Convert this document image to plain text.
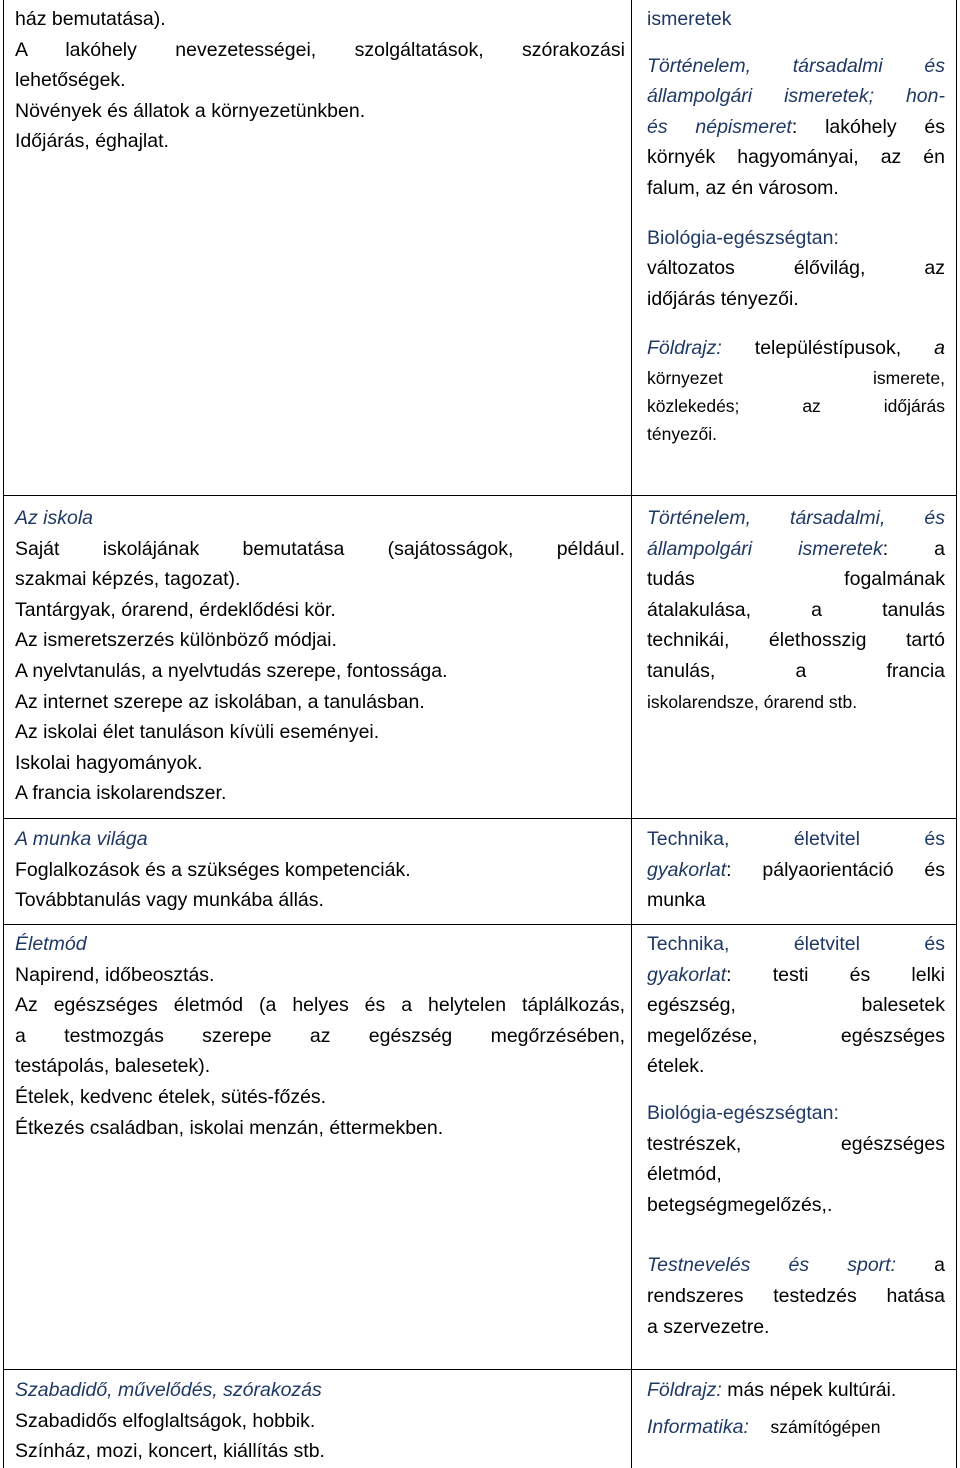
ház bemutatása).

A lakóhely nevezetességei, szolgáltatások, szórakozási

lehetőségek.

Növények és állatok a környezetünkben.

Időjárás, éghajlat.

ismeretek

Történelem, társadalmi és

állampolgári ismeretek; hon-

és népismeret: lakóhely és

környék hagyományai, az én

falum, az én városom.

Biológia-egészségtan:

változatos élővilág, az

időjárás tényezői.

Földrajz: településtípusok, a

környezet ismerete,

közlekedés; az időjárás

tényezői.

Az iskola

Saját iskolájának bemutatása (sajátosságok, például.

szakmai képzés, tagozat).

Tantárgyak, órarend, érdeklődési kör.

Az ismeretszerzés különböző módjai.

A nyelvtanulás, a nyelvtudás szerepe, fontossága.

Az internet szerepe az iskolában, a tanulásban.

Az iskolai élet tanuláson kívüli eseményei.

Iskolai hagyományok.

A francia iskolarendszer.

Történelem, társadalmi, és

állampolgári ismeretek: a

tudás fogalmának

átalakulása, a tanulás

technikái, élethosszig tartó

tanulás, a francia

iskolarendsze, órarend stb.

A munka világa

Foglalkozások és a szükséges kompetenciák.

Továbbtanulás vagy munkába állás.

Technika, életvitel és

gyakorlat: pályaorientáció és

munka

Életmód

Napirend, időbeosztás.

Az egészséges életmód (a helyes és a helytelen táplálkozás,

a testmozgás szerepe az egészség megőrzésében,

testápolás, balesetek).

Ételek, kedvenc ételek, sütés-főzés.

Étkezés családban, iskolai menzán, éttermekben.

Technika, életvitel és

gyakorlat: testi és lelki

egészség, balesetek

megelőzése, egészséges

ételek.

Biológia-egészségtan:

testrészek, egészséges

életmód,

betegségmegelőzés,.

Testnevelés és sport: a

rendszeres testedzés hatása

a szervezetre.

Szabadidő, művelődés, szórakozás

Szabadidős elfoglaltságok, hobbik.

Színház, mozi, koncert, kiállítás stb.

Földrajz: más népek kultúrái.

Informatika: számítógépen
